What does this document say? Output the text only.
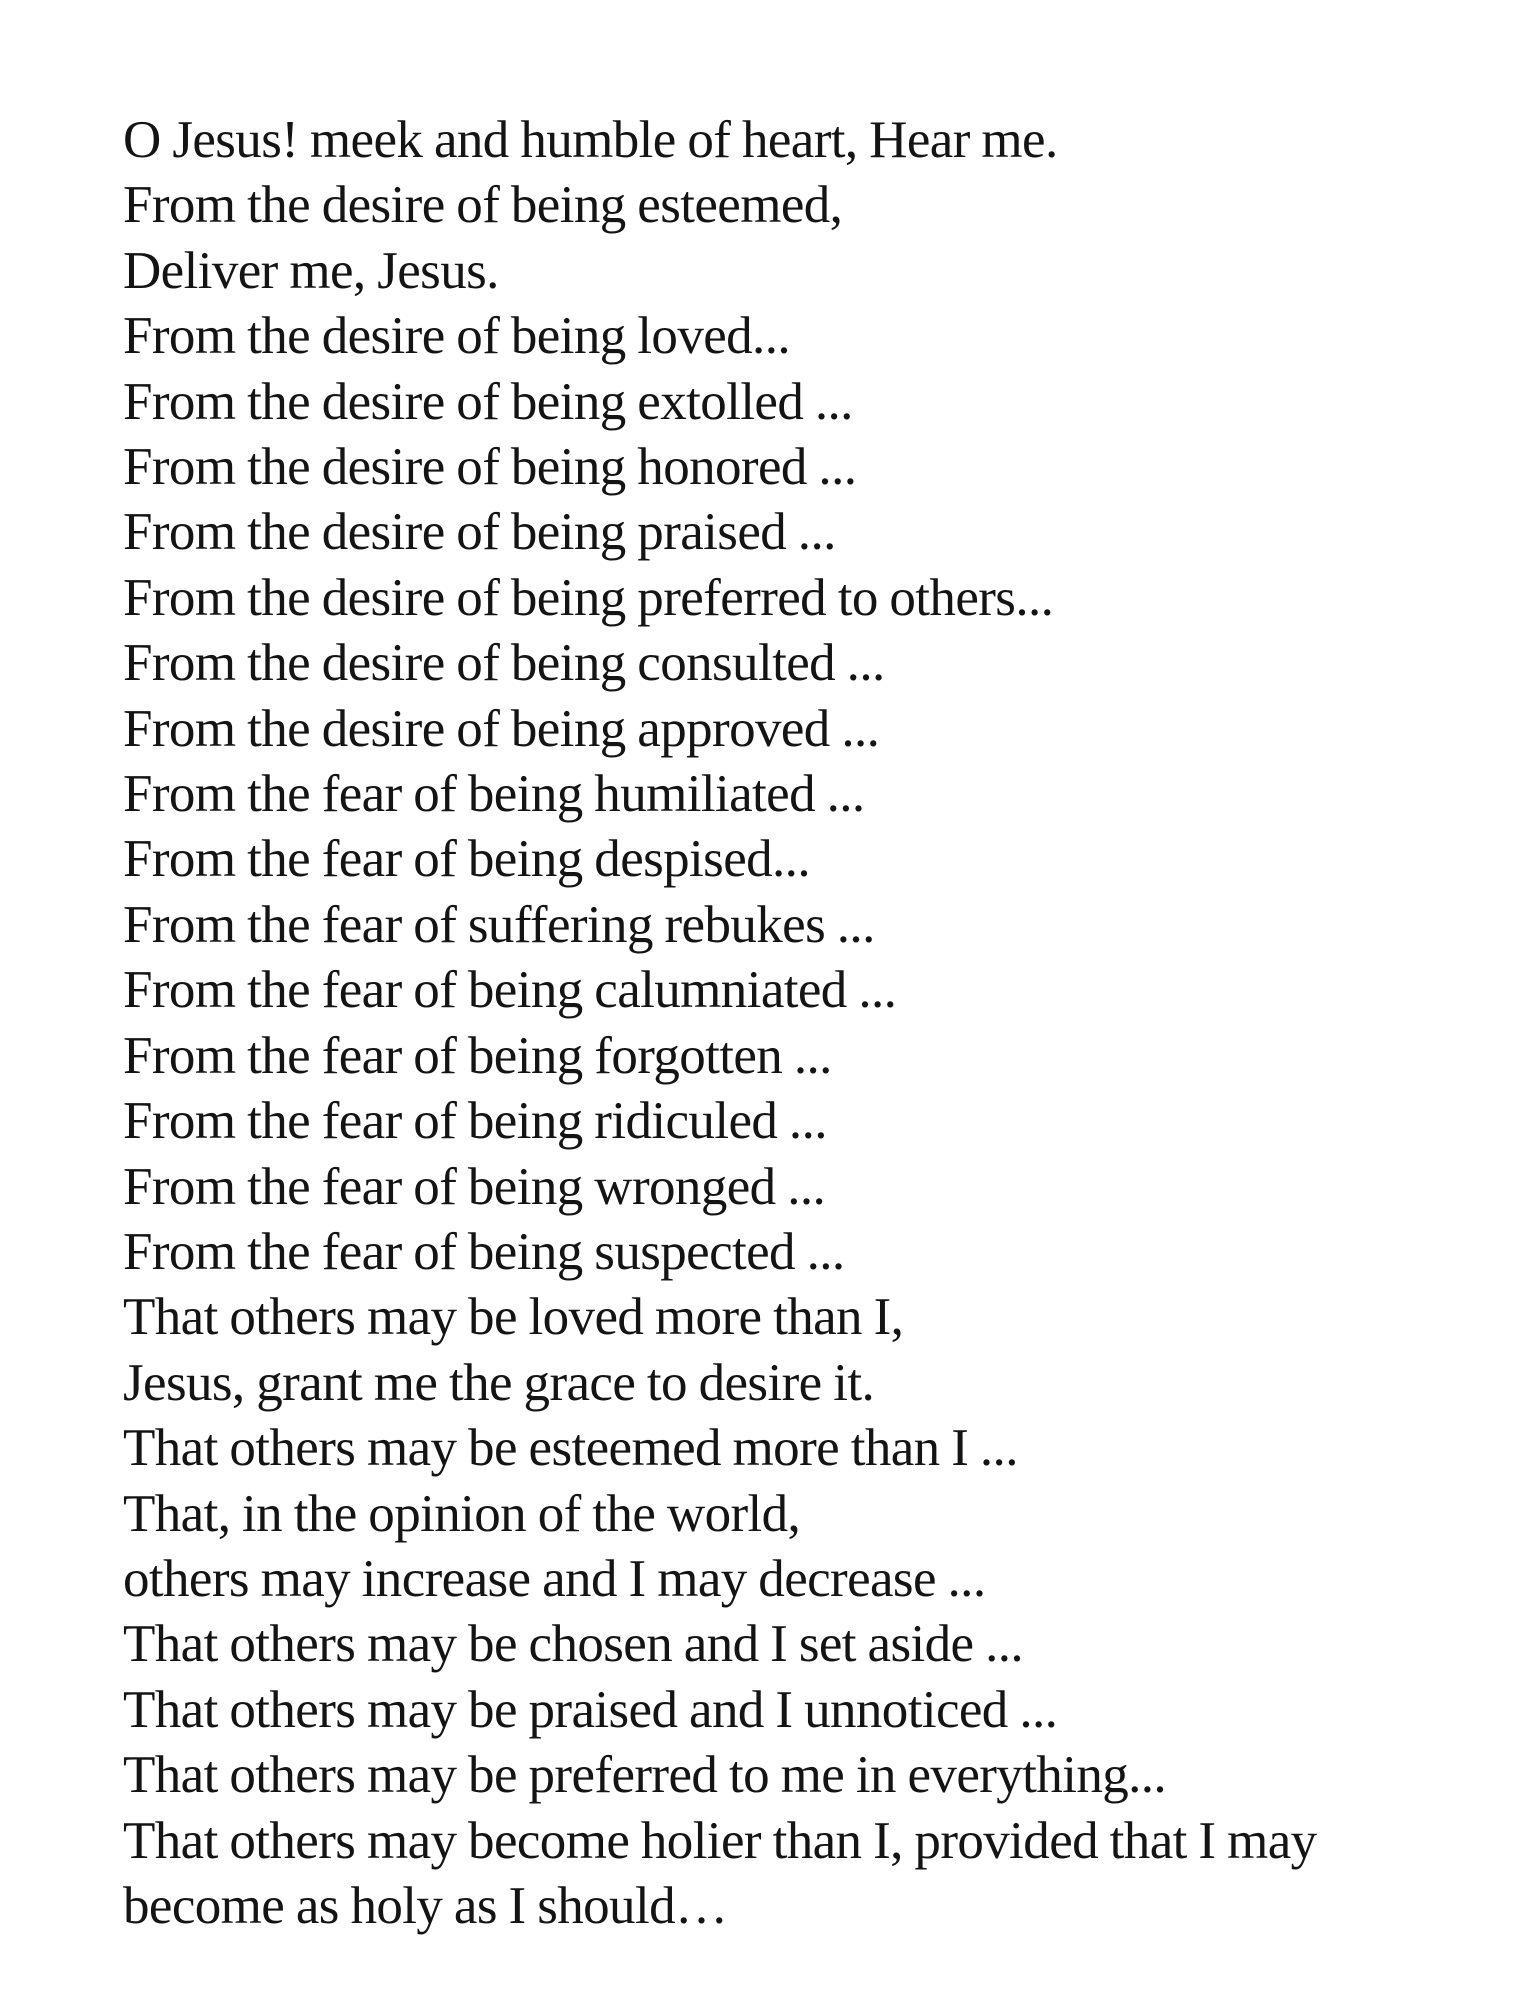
O Jesus! meek and humble of heart, Hear me.
From the desire of being esteemed,
Deliver me, Jesus.
From the desire of being loved...
From the desire of being extolled ...
From the desire of being honored ...
From the desire of being praised ...
From the desire of being preferred to others...
From the desire of being consulted ...
From the desire of being approved ...
From the fear of being humiliated ...
From the fear of being despised...
From the fear of suffering rebukes ...
From the fear of being calumniated ...
From the fear of being forgotten ...
From the fear of being ridiculed ...
From the fear of being wronged ...
From the fear of being suspected ...
That others may be loved more than I,
Jesus, grant me the grace to desire it.
That others may be esteemed more than I ...
That, in the opinion of the world,
others may increase and I may decrease ...
That others may be chosen and I set aside ...
That others may be praised and I unnoticed ...
That others may be preferred to me in everything...
That others may become holier than I, provided that I may
become as holy as I should…
